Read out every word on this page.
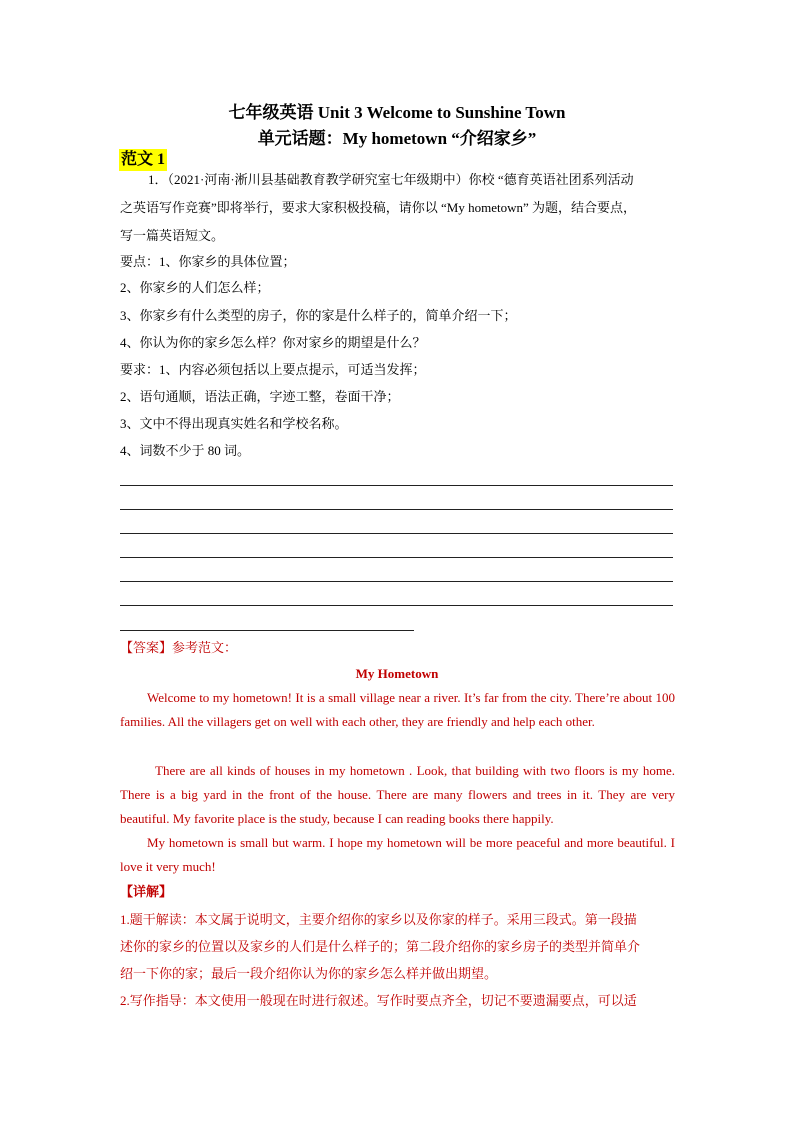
七年级英语 Unit 3 Welcome to Sunshine Town
单元话题：My hometown “介绍家乡”
范文 1
1．（2021·河南·淅川县基础教育教学研究室七年级期中）你校 “德育英语社团系列活动
之英语写作竞赛”即将举行，要求大家积极投稿，请你以 “My hometown” 为题，结合要点，
写一篇英语短文。
要点：1、你家乡的具体位置；
2、你家乡的人们怎么样；
3、你家乡有什么类型的房子，你的家是什么样子的，简单介绍一下；
4、你认为你的家乡怎么样？你对家乡的期望是什么？
要求：1、内容必须包括以上要点提示，可适当发挥；
2、语句通顺，语法正确，字迹工整，卷面干净；
3、文中不得出现真实姓名和学校名称。
4、词数不少于 80 词。
【答案】参考范文：
My Hometown

Welcome to my hometown! It is a small village near a river. It’s far from the city. There’re about 100 families. All the villagers get on well with each other, they are friendly and help each other.

There are all kinds of houses in my hometown . Look, that building with two floors is my home. There is a big yard in the front of the house. There are many flowers and trees in it. They are very beautiful. My favorite place is the study, because I can reading books there happily.

My hometown is small but warm. I hope my hometown will be more peaceful and more beautiful. I love it very much!

【详解】
1.题干解读：本文属于说明文，主要介绍你的家乡以及你家的样子。采用三段式。第一段描
述你的家乡的位置以及家乡的人们是什么样子的；第二段介绍你的家乡房子的类型并简单介
绍一下你的家；最后一段介绍你认为你的家乡怎么样并做出期望。
2.写作指导：本文使用一般现在时进行叙述。写作时要点齐全，切记不要遗漏要点，可以适
